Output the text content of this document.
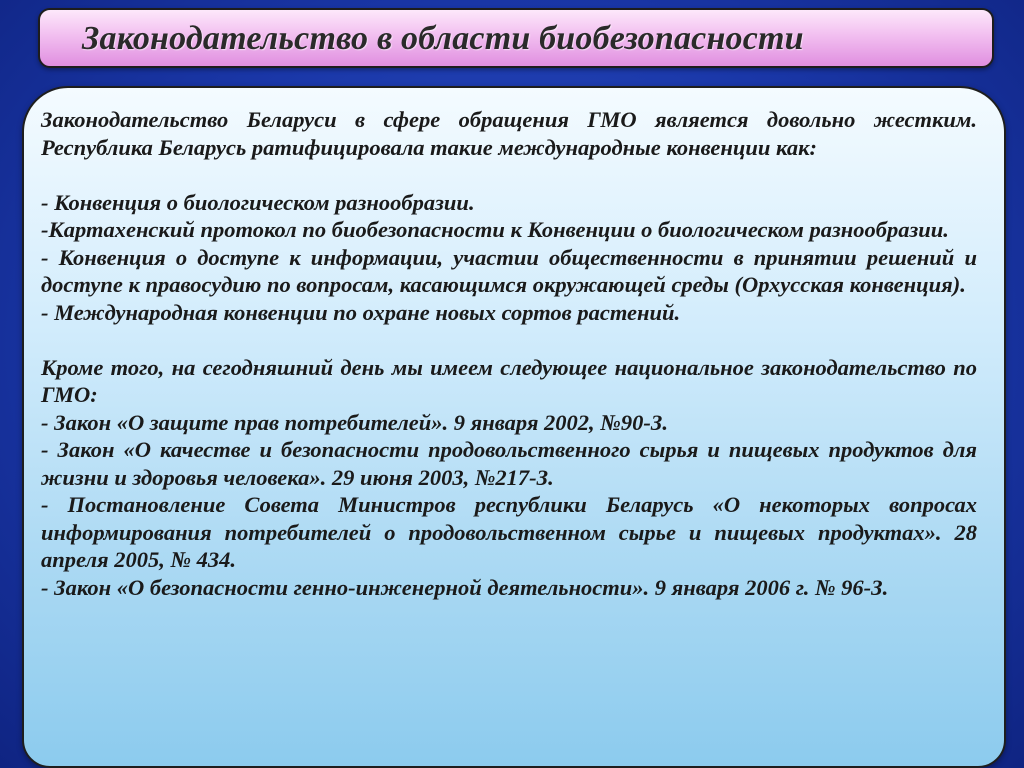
Законодательство в области биобезопасности

Законодательство Беларуси в сфере обращения ГМО является довольно жестким. Республика Беларусь ратифицировала такие международные конвенции как:

- Конвенция о биологическом разнообразии.

-Картахенский протокол по биобезопасности к Конвенции о биологическом разнообразии.

- Конвенция о доступе к информации, участии общественности в принятии решений и доступе к правосудию по вопросам, касающимся окружающей среды (Орхусская конвенция).

- Международная конвенции по охране новых сортов растений.

Кроме того, на сегодняшний день мы имеем следующее национальное законодательство по ГМО:

- Закон «О защите прав потребителей». 9 января 2002, №90-З.

- Закон «О качестве и безопасности продовольственного сырья и пищевых продуктов для жизни и здоровья человека». 29 июня 2003, №217-З.

- Постановление Совета Министров республики Беларусь «О некоторых вопросах информирования потребителей о продовольственном сырье и пищевых продуктах». 28 апреля 2005, № 434.

- Закон «О безопасности генно-инженерной деятельности». 9 января 2006 г. № 96-З.
